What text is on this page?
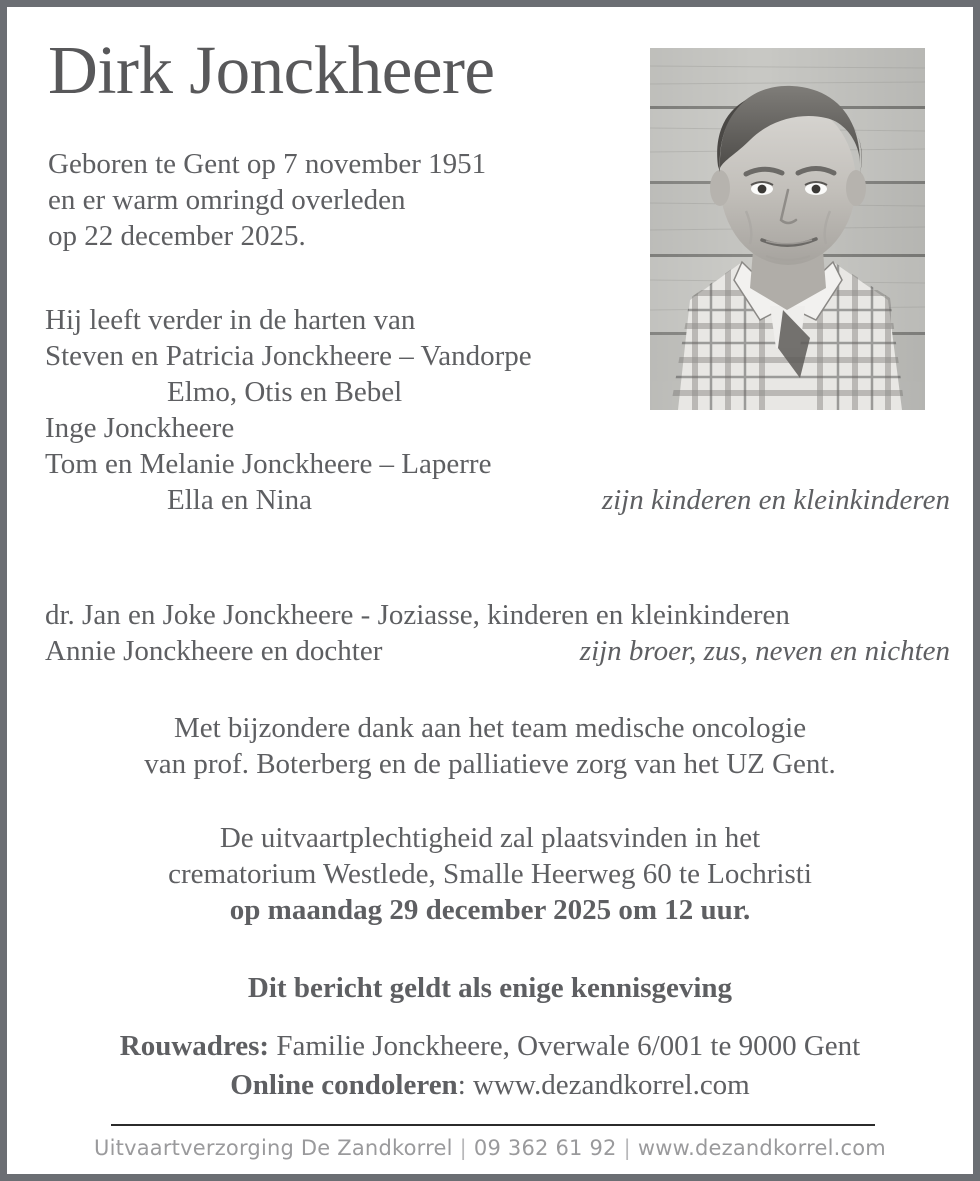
Dirk Jonckheere
Geboren te Gent op 7 november 1951
en er warm omringd overleden
op 22 december 2025.
Hij leeft verder in de harten van
Steven en Patricia Jonckheere – Vandorpe
Elmo, Otis en Bebel
Inge Jonckheere
Tom en Melanie Jonckheere – Laperre
Ella en Nina	zijn kinderen en kleinkinderen
dr. Jan en Joke Jonckheere - Joziasse, kinderen en kleinkinderen
Annie Jonckheere en dochter	zijn broer, zus, neven en nichten
Met bijzondere dank aan het team medische oncologie
van prof. Boterberg en de palliatieve zorg van het UZ Gent.
De uitvaartplechtigheid zal plaatsvinden in het
crematorium Westlede, Smalle Heerweg 60 te Lochristi
op maandag 29 december 2025 om 12 uur.
Dit bericht geldt als enige kennisgeving
Rouwadres: Familie Jonckheere, Overwale 6/001 te 9000 Gent
Online condoleren: www.dezandkorrel.com
Uitvaartverzorging De Zandkorrel | 09 362 61 92 | www.dezandkorrel.com
